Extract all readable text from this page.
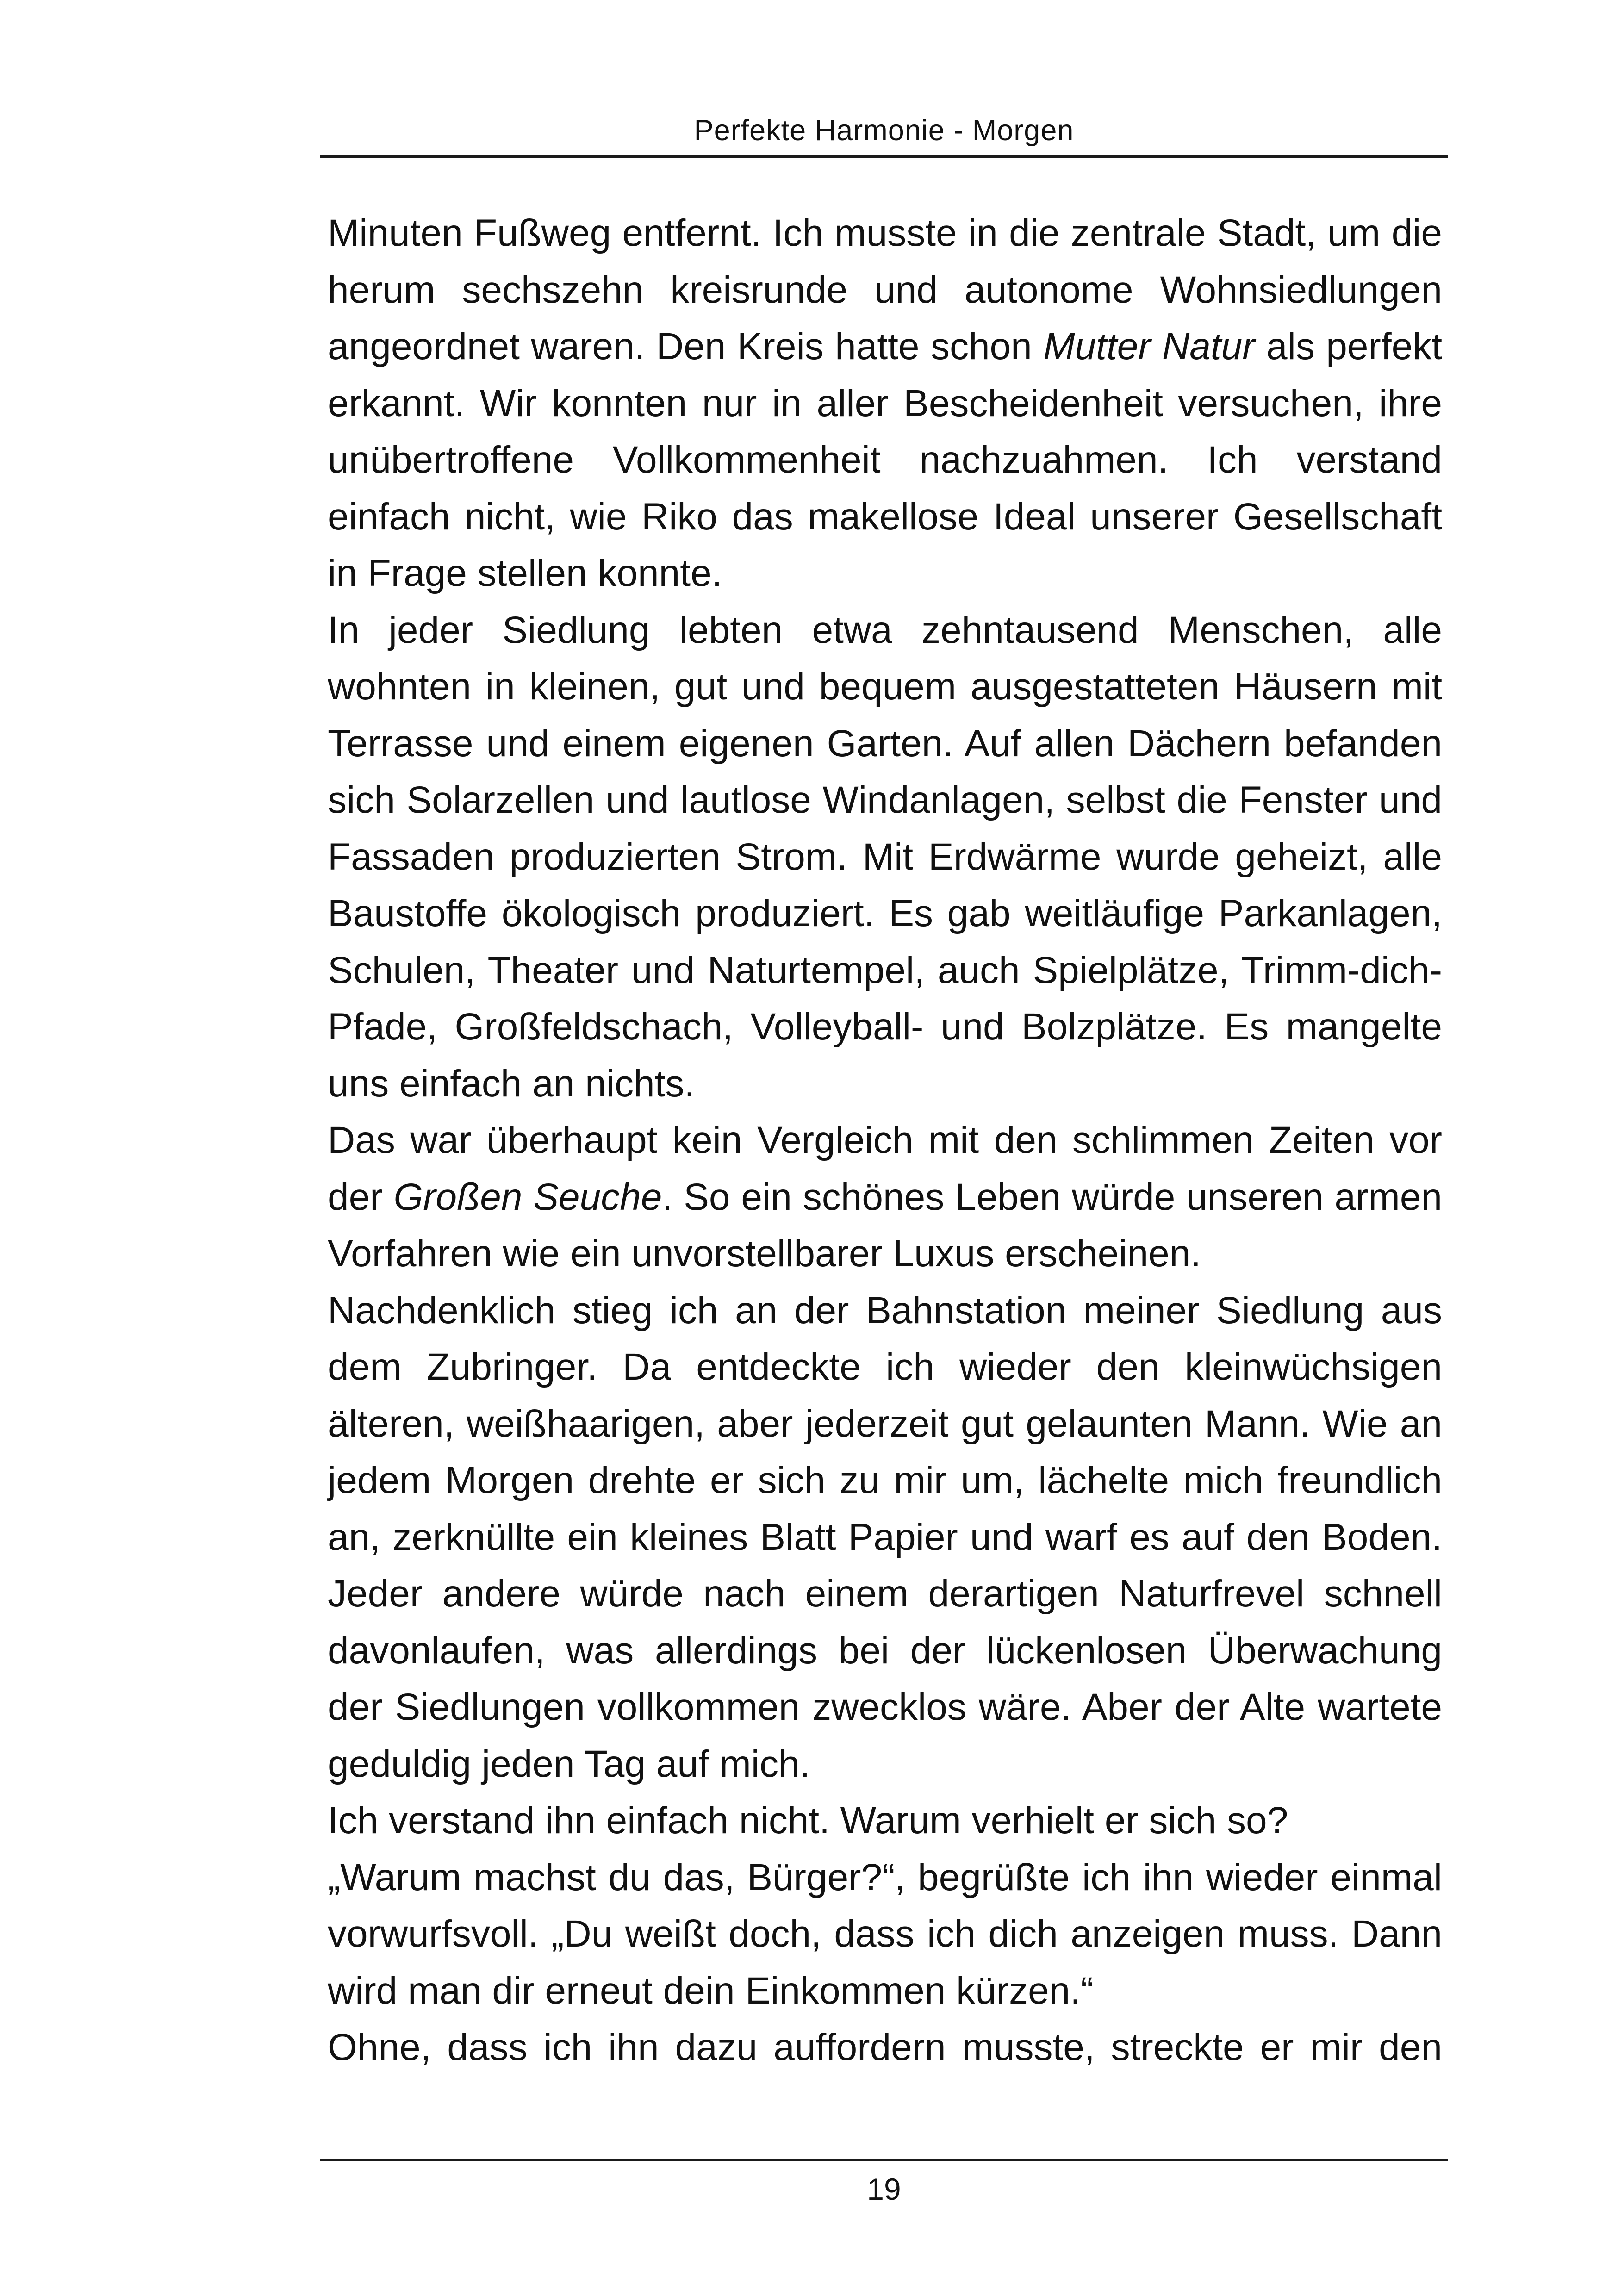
Perfekte Harmonie - Morgen

Minuten Fußweg entfernt. Ich musste in die zentrale Stadt, um die herum sechszehn kreisrunde und autonome Wohnsiedlungen angeordnet waren. Den Kreis hatte schon Mutter Natur als perfekt erkannt. Wir konnten nur in aller Bescheidenheit versuchen, ihre unübertroffene Vollkommenheit nachzuahmen. Ich verstand einfach nicht, wie Riko das makellose Ideal unserer Gesellschaft in Frage stellen konnte.

In jeder Siedlung lebten etwa zehntausend Menschen, alle wohnten in kleinen, gut und bequem ausgestatteten Häusern mit Terrasse und einem eigenen Garten. Auf allen Dächern befanden sich Solarzellen und lautlose Windanlagen, selbst die Fenster und Fassaden produzierten Strom. Mit Erdwärme wurde geheizt, alle Baustoffe ökologisch produziert. Es gab weitläufige Parkanlagen, Schulen, Theater und Naturtempel, auch Spielplätze, Trimm-dich-Pfade, Großfeldschach, Volleyball- und Bolzplätze. Es mangelte uns einfach an nichts.

Das war überhaupt kein Vergleich mit den schlimmen Zeiten vor der Großen Seuche. So ein schönes Leben würde unseren armen Vorfahren wie ein unvorstellbarer Luxus erscheinen.

Nachdenklich stieg ich an der Bahnstation meiner Siedlung aus dem Zubringer. Da entdeckte ich wieder den kleinwüchsigen älteren, weißhaarigen, aber jederzeit gut gelaunten Mann. Wie an jedem Morgen drehte er sich zu mir um, lächelte mich freundlich an, zerknüllte ein kleines Blatt Papier und warf es auf den Boden. Jeder andere würde nach einem derartigen Naturfrevel schnell davonlaufen, was allerdings bei der lückenlosen Überwachung der Siedlungen vollkommen zwecklos wäre. Aber der Alte wartete geduldig jeden Tag auf mich.

Ich verstand ihn einfach nicht. Warum verhielt er sich so?

„Warum machst du das, Bürger?“, begrüßte ich ihn wieder einmal vorwurfsvoll. „Du weißt doch, dass ich dich anzeigen muss. Dann wird man dir erneut dein Einkommen kürzen.“

Ohne, dass ich ihn dazu auffordern musste, streckte er mir den

19
